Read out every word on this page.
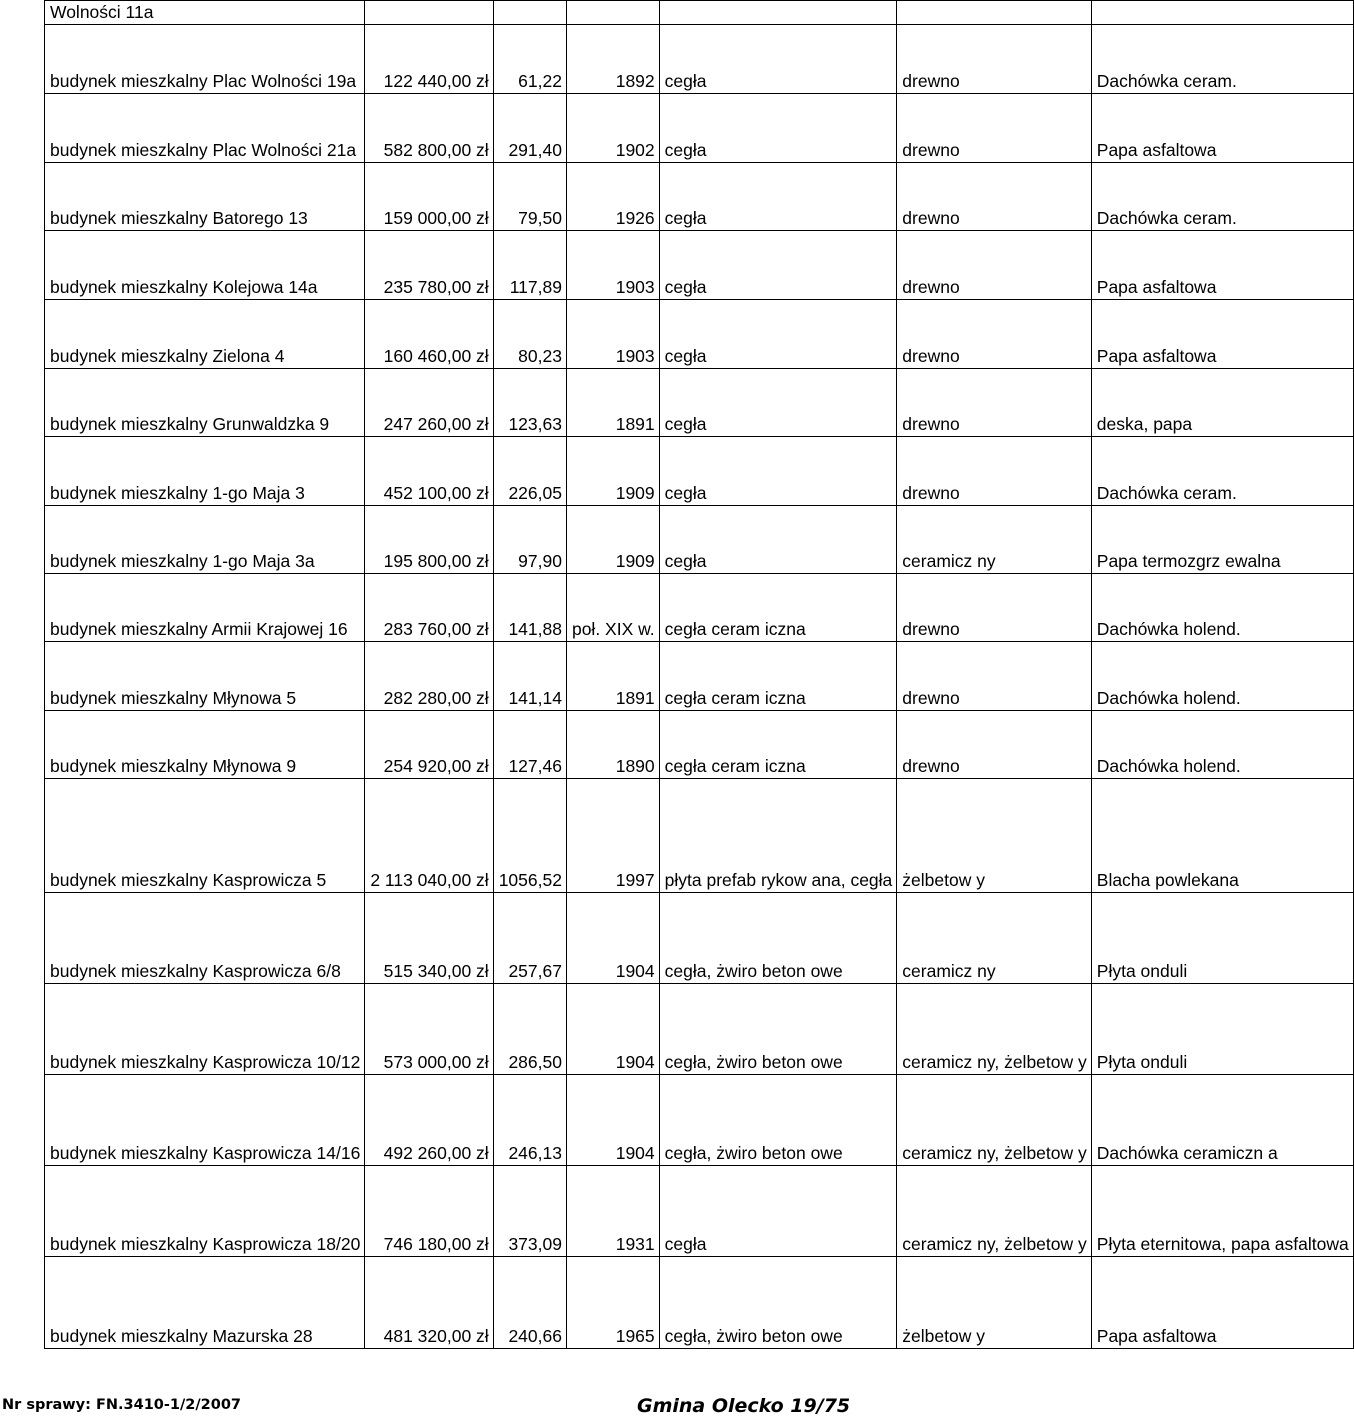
Wolności 11a						
budynek mieszkalny Plac Wolności 19a	122 440,00 zł	61,22	1892	cegła	drewno	Dachówka ceram.
budynek mieszkalny Plac Wolności 21a	582 800,00 zł	291,40	1902	cegła	drewno	Papa asfaltowa
budynek mieszkalny Batorego 13	159 000,00 zł	79,50	1926	cegła	drewno	Dachówka ceram.
budynek mieszkalny Kolejowa 14a	235 780,00 zł	117,89	1903	cegła	drewno	Papa asfaltowa
budynek mieszkalny Zielona 4	160 460,00 zł	80,23	1903	cegła	drewno	Papa asfaltowa
budynek mieszkalny Grunwaldzka 9	247 260,00 zł	123,63	1891	cegła	drewno	deska, papa
budynek mieszkalny 1-go Maja 3	452 100,00 zł	226,05	1909	cegła	drewno	Dachówka ceram.
budynek mieszkalny 1-go Maja 3a	195 800,00 zł	97,90	1909	cegła	ceramicz ny	Papa termozgrz ewalna
budynek mieszkalny Armii Krajowej 16	283 760,00 zł	141,88	poł. XIX w.	cegła ceram iczna	drewno	Dachówka holend.
budynek mieszkalny Młynowa 5	282 280,00 zł	141,14	1891	cegła ceram iczna	drewno	Dachówka holend.
budynek mieszkalny Młynowa 9	254 920,00 zł	127,46	1890	cegła ceram iczna	drewno	Dachówka holend.
budynek mieszkalny Kasprowicza 5	2 113 040,00 zł	1056,52	1997	płyta prefab rykow ana, cegła	żelbetow y	Blacha powlekana
budynek mieszkalny Kasprowicza 6/8	515 340,00 zł	257,67	1904	cegła, żwiro beton owe	ceramicz ny	Płyta onduli
budynek mieszkalny Kasprowicza 10/12	573 000,00 zł	286,50	1904	cegła, żwiro beton owe	ceramicz ny, żelbetow y	Płyta onduli
budynek mieszkalny Kasprowicza 14/16	492 260,00 zł	246,13	1904	cegła, żwiro beton owe	ceramicz ny, żelbetow y	Dachówka ceramiczn a
budynek mieszkalny Kasprowicza 18/20	746 180,00 zł	373,09	1931	cegła	ceramicz ny, żelbetow y	Płyta eternitowa, papa asfaltowa
budynek mieszkalny Mazurska 28	481 320,00 zł	240,66	1965	cegła, żwiro beton owe	żelbetow y	Papa asfaltowa
Nr sprawy: FN.3410-1/2/2007	Gmina Olecko 19/75
